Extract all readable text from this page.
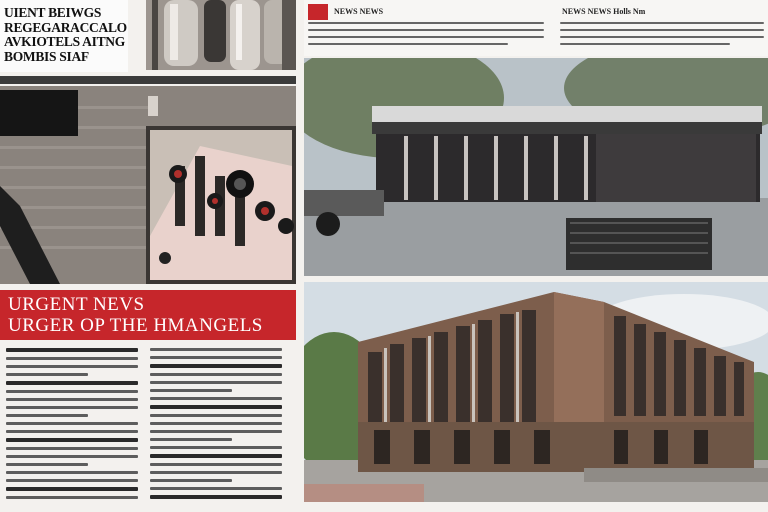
UIENT BEIWGS
REGEGARACCALO
AVKIOTELS AITNG
BOMBIS SIAF
URGENT NEVS
URGER OP THE HMANGELS
NEWS NEWS	NEWS NEWS Holls Nm
